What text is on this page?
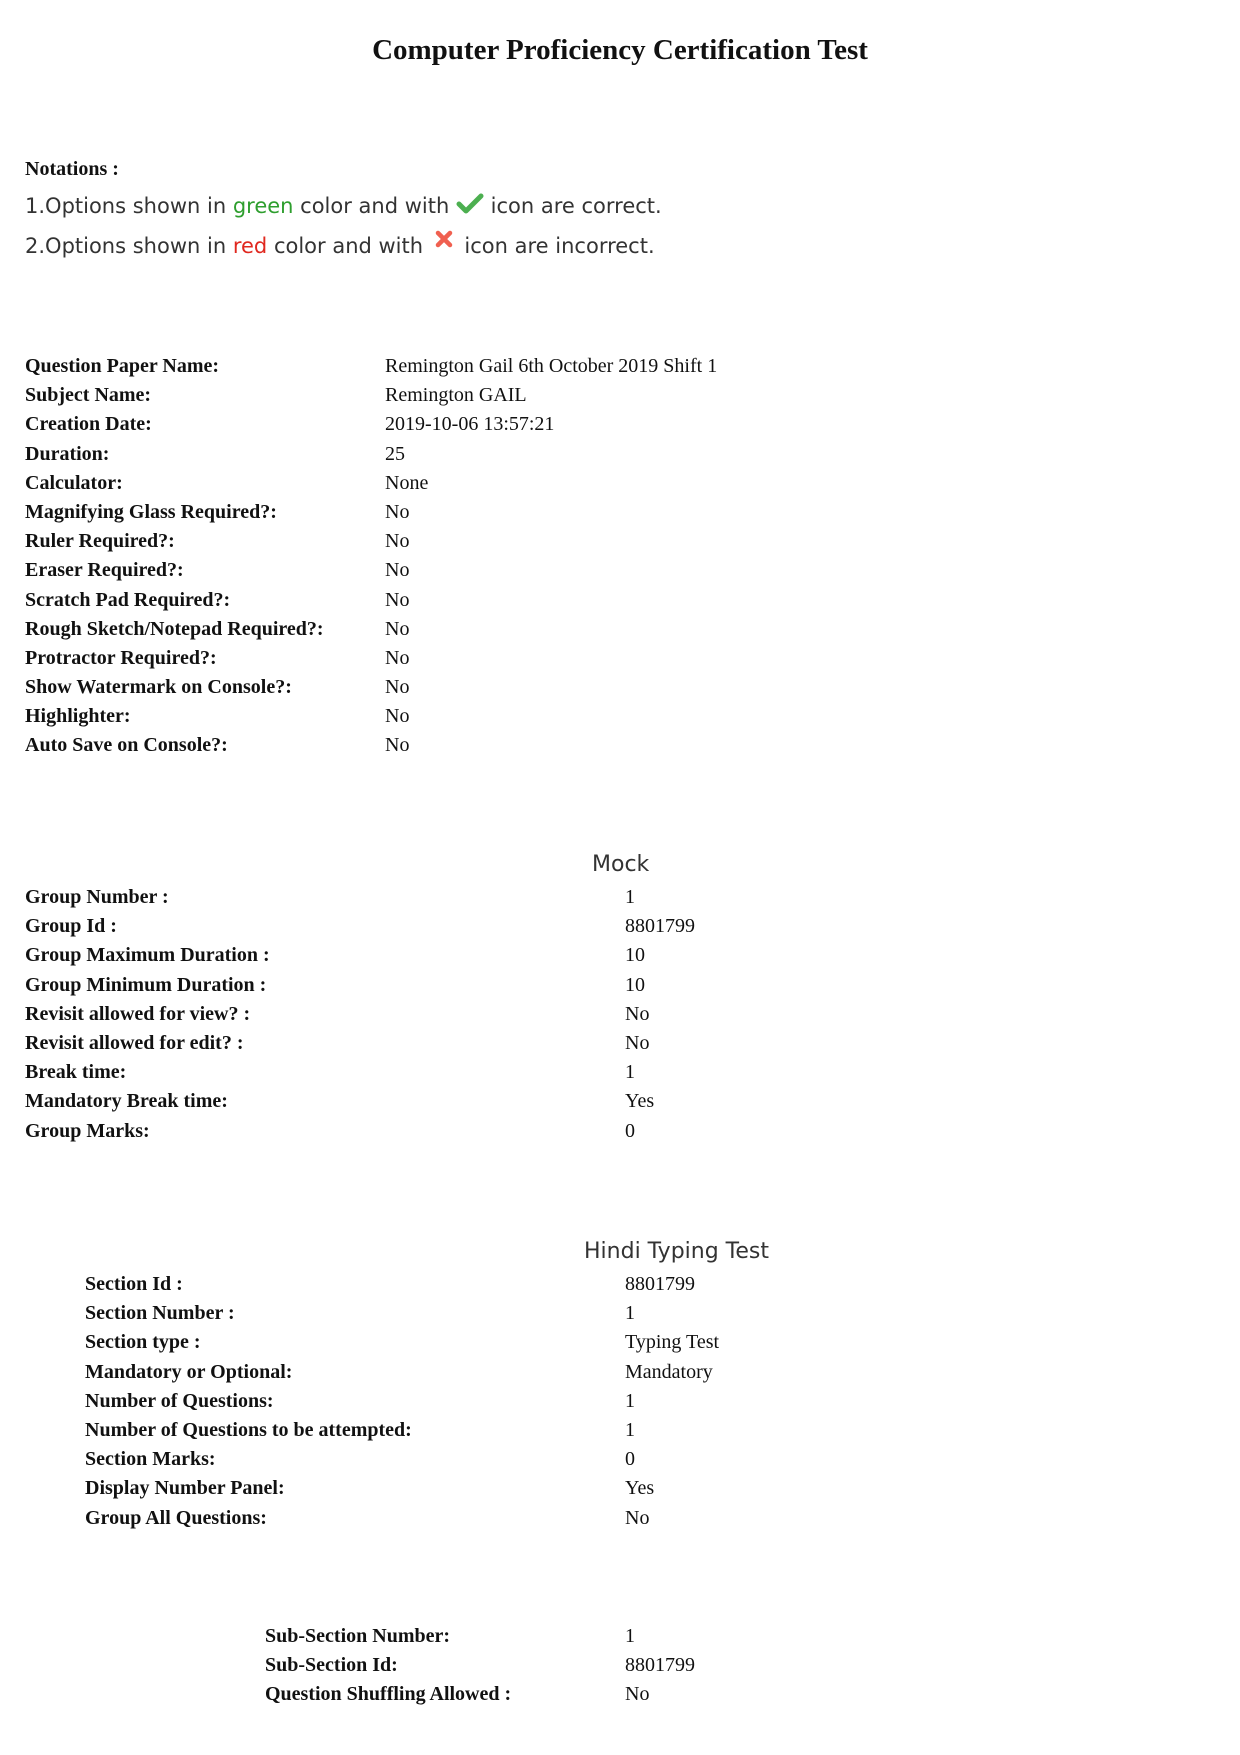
Computer Proficiency Certification Test
Notations :
1.Options shown in green color and with  icon are correct.
2.Options shown in red color and with  icon are incorrect.
Question Paper Name:	Remington Gail 6th October 2019 Shift 1
Subject Name:	Remington GAIL
Creation Date:	2019-10-06 13:57:21
Duration:	25
Calculator:	None
Magnifying Glass Required?:	No
Ruler Required?:	No
Eraser Required?:	No
Scratch Pad Required?:	No
Rough Sketch/Notepad Required?:	No
Protractor Required?:	No
Show Watermark on Console?:	No
Highlighter:	No
Auto Save on Console?:	No
Mock
Group Number :	1
Group Id :	8801799
Group Maximum Duration :	10
Group Minimum Duration :	10
Revisit allowed for view? :	No
Revisit allowed for edit? :	No
Break time:	1
Mandatory Break time:	Yes
Group Marks:	0
Hindi Typing Test
Section Id :	8801799
Section Number :	1
Section type :	Typing Test
Mandatory or Optional:	Mandatory
Number of Questions:	1
Number of Questions to be attempted:	1
Section Marks:	0
Display Number Panel:	Yes
Group All Questions:	No
Sub-Section Number:	1
Sub-Section Id:	8801799
Question Shuffling Allowed :	No
